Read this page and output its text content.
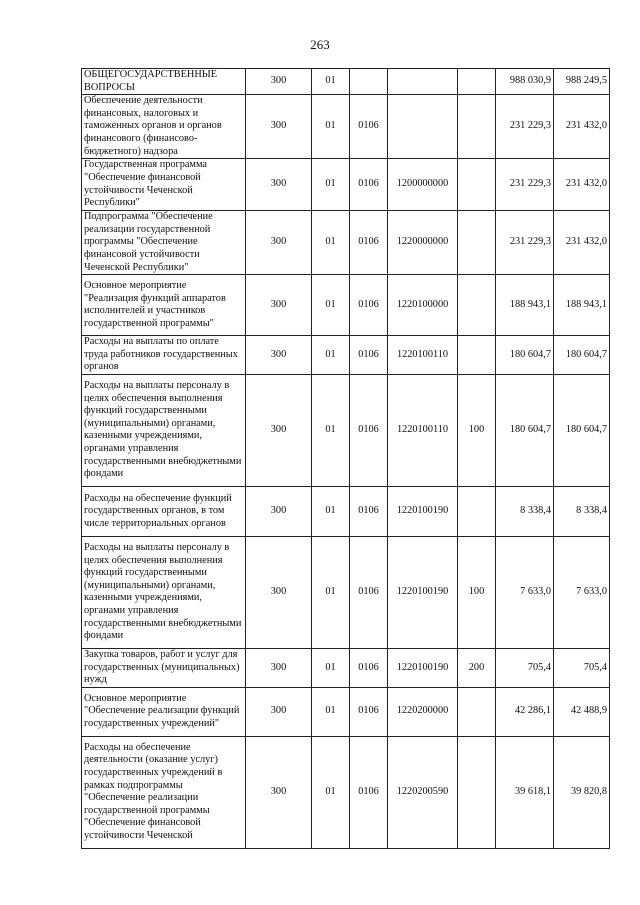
263
ОБЩЕГОСУДАРСТВЕННЫЕ ВОПРОСЫ	300	01				988 030,9	988 249,5
Обеспечение деятельности финансовых, налоговых и таможенных органов и органов финансового (финансово-бюджетного) надзора	300	01	0106			231 229,3	231 432,0
Государственная программа "Обеспечение финансовой устойчивости Чеченской Республики"	300	01	0106	1200000000		231 229,3	231 432,0
Подпрограмма "Обеспечение реализации государственной программы "Обеспечение финансовой устойчивости Чеченской Республики"	300	01	0106	1220000000		231 229,3	231 432,0
Основное мероприятие "Реализация функций аппаратов исполнителей и участников государственной программы"	300	01	0106	1220100000		188 943,1	188 943,1
Расходы на выплаты по оплате труда работников государственных органов	300	01	0106	1220100110		180 604,7	180 604,7
Расходы на выплаты персоналу в целях обеспечения выполнения функций государственными (муниципальными) органами, казенными учреждениями, органами управления государственными внебюджетными фондами	300	01	0106	1220100110	100	180 604,7	180 604,7
Расходы на обеспечение функций государственных органов, в том числе территориальных органов	300	01	0106	1220100190		8 338,4	8 338,4
Расходы на выплаты персоналу в целях обеспечения выполнения функций государственными (муниципальными) органами, казенными учреждениями, органами управления государственными внебюджетными фондами	300	01	0106	1220100190	100	7 633,0	7 633,0
Закупка товаров, работ и услуг для государственных (муниципальных) нужд	300	01	0106	1220100190	200	705,4	705,4
Основное мероприятие "Обеспечение реализации функций государственных учреждений"	300	01	0106	1220200000		42 286,1	42 488,9
Расходы на обеспечение деятельности (оказание услуг) государственных учреждений в рамках подпрограммы "Обеспечение реализации государственной программы "Обеспечение финансовой устойчивости Чеченской	300	01	0106	1220200590		39 618,1	39 820,8
